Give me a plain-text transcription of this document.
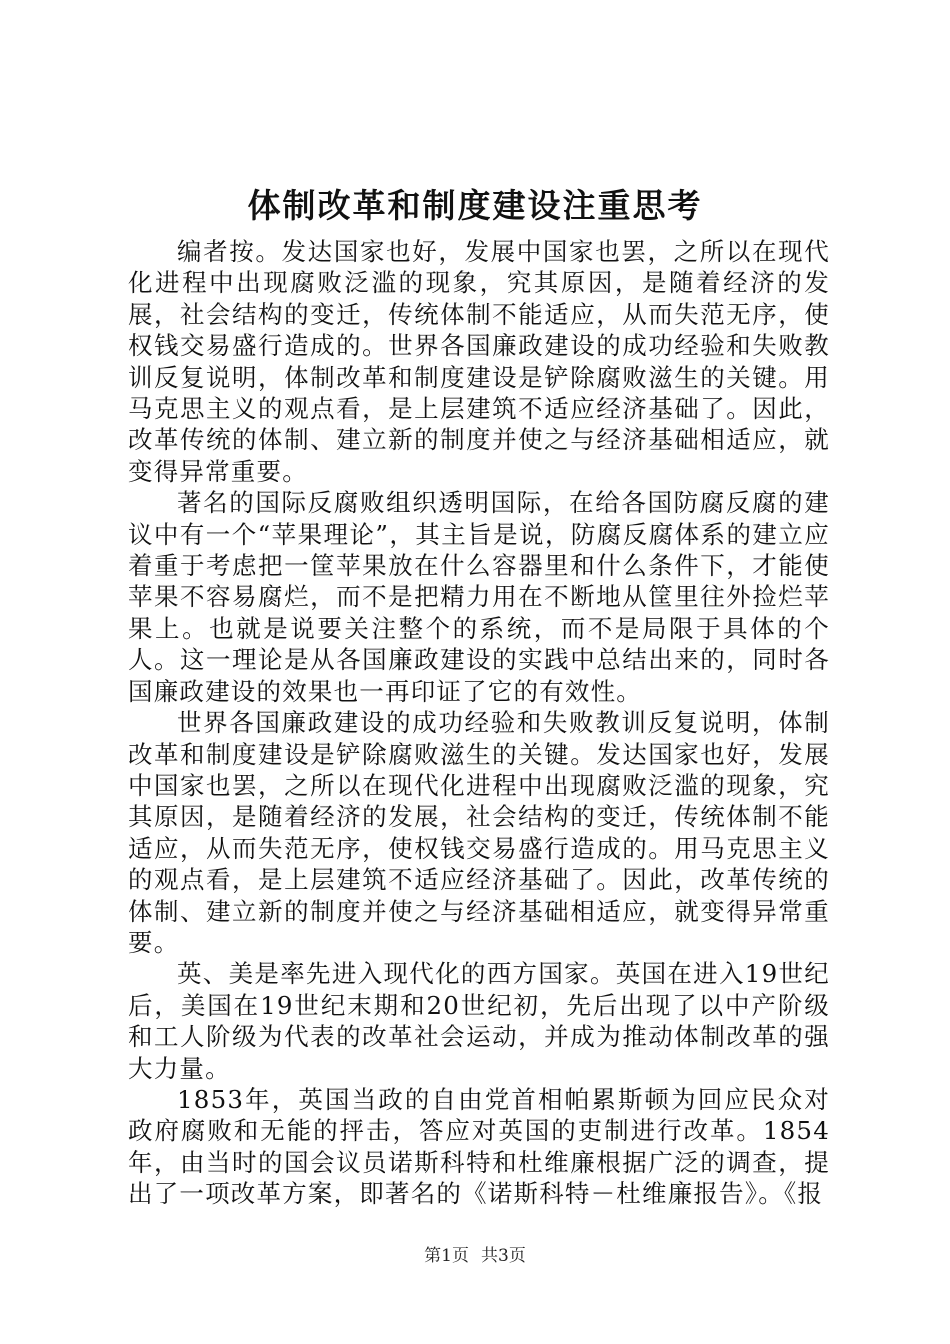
体制改革和制度建设注重思考

编者按。发达国家也好，发展中国家也罢，之所以在现代化进程中出现腐败泛滥的现象，究其原因，是随着经济的发展，社会结构的变迁，传统体制不能适应，从而失范无序，使权钱交易盛行造成的。世界各国廉政建设的成功经验和失败教训反复说明，体制改革和制度建设是铲除腐败滋生的关键。用马克思主义的观点看，是上层建筑不适应经济基础了。因此，改革传统的体制、建立新的制度并使之与经济基础相适应，就变得异常重要。

著名的国际反腐败组织透明国际，在给各国防腐反腐的建议中有一个“苹果理论”，其主旨是说，防腐反腐体系的建立应着重于考虑把一筐苹果放在什么容器里和什么条件下，才能使苹果不容易腐烂，而不是把精力用在不断地从筐里往外捡烂苹果上。也就是说要关注整个的系统，而不是局限于具体的个人。这一理论是从各国廉政建设的实践中总结出来的，同时各国廉政建设的效果也一再印证了它的有效性。

世界各国廉政建设的成功经验和失败教训反复说明，体制改革和制度建设是铲除腐败滋生的关键。发达国家也好，发展中国家也罢，之所以在现代化进程中出现腐败泛滥的现象，究其原因，是随着经济的发展，社会结构的变迁，传统体制不能适应，从而失范无序，使权钱交易盛行造成的。用马克思主义的观点看，是上层建筑不适应经济基础了。因此，改革传统的体制、建立新的制度并使之与经济基础相适应，就变得异常重要。

英、美是率先进入现代化的西方国家。英国在进入19世纪后，美国在19世纪末期和20世纪初，先后出现了以中产阶级和工人阶级为代表的改革社会运动，并成为推动体制改革的强大力量。

1853年，英国当政的自由党首相帕累斯顿为回应民众对政府腐败和无能的抨击，答应对英国的吏制进行改革。1854年，由当时的国会议员诺斯科特和杜维廉根据广泛的调查，提出了一项改革方案，即著名的《诺斯科特－杜维廉报告》。《报

第1页 共3页
